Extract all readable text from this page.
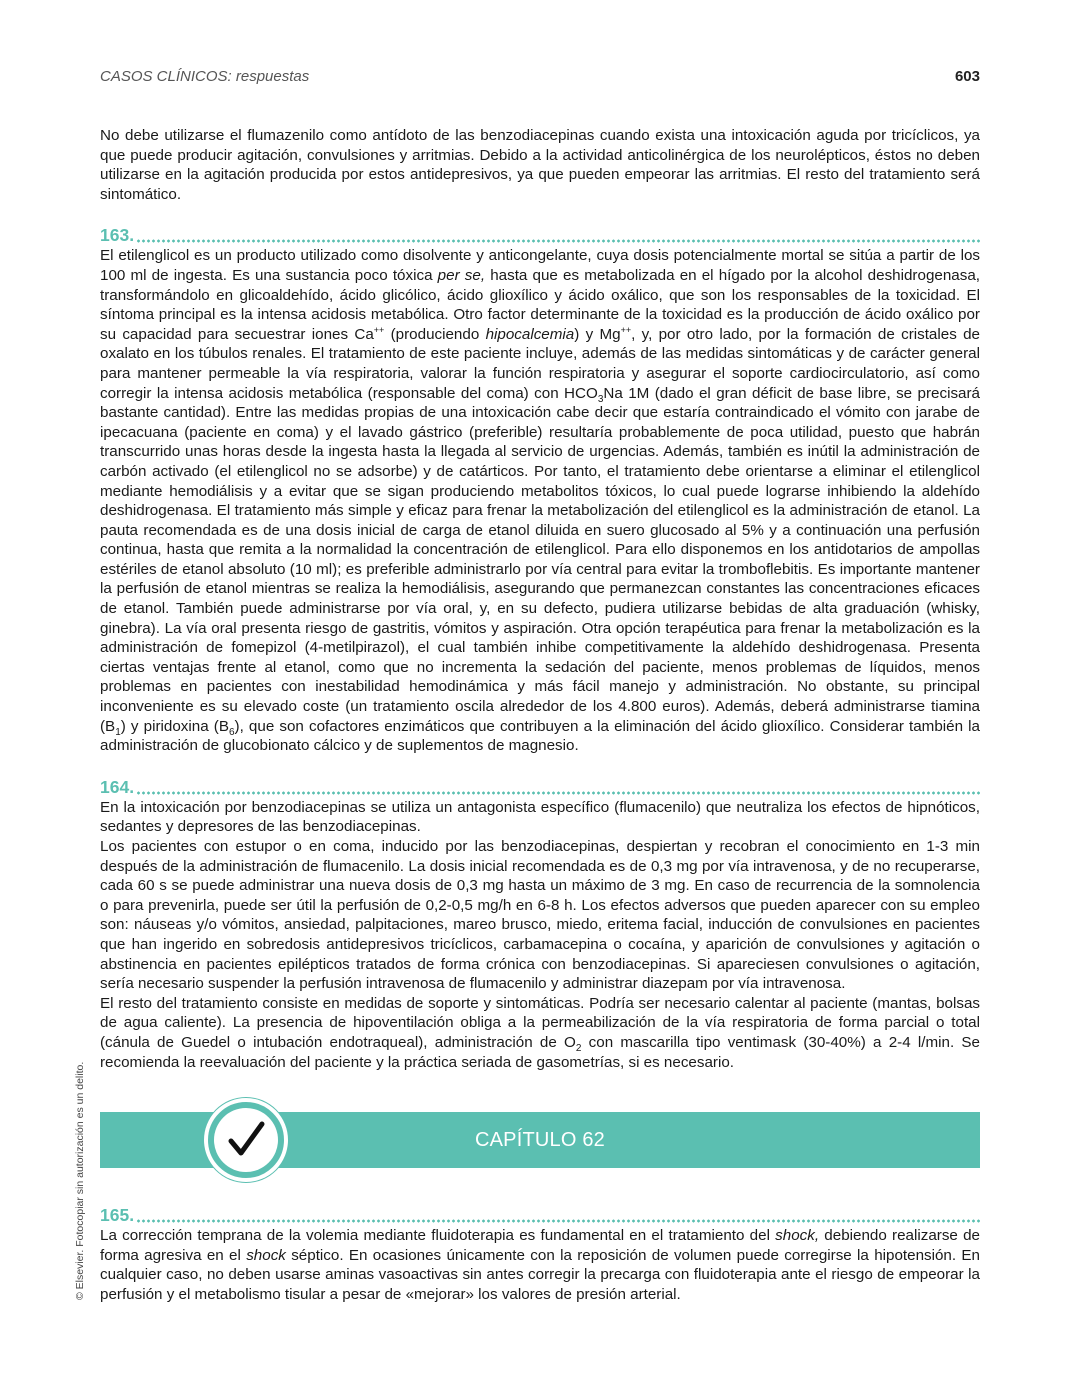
CASOS CLÍNICOS: respuestas	603

No debe utilizarse el flumazenilo como antídoto de las benzodiacepinas cuando exista una intoxicación aguda por tricíclicos, ya que puede producir agitación, convulsiones y arritmias. Debido a la actividad anticolinérgica de los neurolépticos, éstos no deben utilizarse en la agitación producida por estos antidepresivos, ya que pueden empeorar las arritmias. El resto del tratamiento será sintomático.

163.

El etilenglicol es un producto utilizado como disolvente y anticongelante, cuya dosis potencialmente mortal se sitúa a partir de los 100 ml de ingesta. Es una sustancia poco tóxica per se, hasta que es metabolizada en el hígado por la alcohol deshidrogenasa, transformándolo en glicoaldehído, ácido glicólico, ácido glioxílico y ácido oxálico, que son los responsables de la toxicidad. El síntoma principal es la intensa acidosis metabólica. Otro factor determinante de la toxicidad es la producción de ácido oxálico por su capacidad para secuestrar iones Ca++ (produciendo hipocalcemia) y Mg++, y, por otro lado, por la formación de cristales de oxalato en los túbulos renales. El tratamiento de este paciente incluye, además de las medidas sintomáticas y de carácter general para mantener permeable la vía respiratoria, valorar la función respiratoria y asegurar el soporte cardiocirculatorio, así como corregir la intensa acidosis metabólica (responsable del coma) con $HCO_3Na$ 1M (dado el gran déficit de base libre, se precisará bastante cantidad). Entre las medidas propias de una intoxicación cabe decir que estaría contraindicado el vómito con jarabe de ipecacuana (paciente en coma) y el lavado gástrico (preferible) resultaría probablemente de poca utilidad, puesto que habrán transcurrido unas horas desde la ingesta hasta la llegada al servicio de urgencias. Además, también es inútil la administración de carbón activado (el etilenglicol no se adsorbe) y de catárticos. Por tanto, el tratamiento debe orientarse a eliminar el etilenglicol mediante hemodiálisis y a evitar que se sigan produciendo metabolitos tóxicos, lo cual puede lograrse inhibiendo la aldehído deshidrogenasa. El tratamiento más simple y eficaz para frenar la metabolización del etilenglicol es la administración de etanol. La pauta recomendada es de una dosis inicial de carga de etanol diluida en suero glucosado al 5% y a continuación una perfusión continua, hasta que remita a la normalidad la concentración de etilenglicol. Para ello disponemos en los antidotarios de ampollas estériles de etanol absoluto (10 ml); es preferible administrarlo por vía central para evitar la tromboflebitis. Es importante mantener la perfusión de etanol mientras se realiza la hemodiálisis, asegurando que permanezcan constantes las concentraciones eficaces de etanol. También puede administrarse por vía oral, y, en su defecto, pudiera utilizarse bebidas de alta graduación (whisky, ginebra). La vía oral presenta riesgo de gastritis, vómitos y aspiración. Otra opción terapéutica para frenar la metabolización es la administración de fomepizol (4-metilpirazol), el cual también inhibe competitivamente la aldehído deshidrogenasa. Presenta ciertas ventajas frente al etanol, como que no incrementa la sedación del paciente, menos problemas de líquidos, menos problemas en pacientes con inestabilidad hemodinámica y más fácil manejo y administración. No obstante, su principal inconveniente es su elevado coste (un tratamiento oscila alrededor de los 4.800 euros). Además, deberá administrarse tiamina $(B_1)$ y piridoxina $(B_6)$, que son cofactores enzimáticos que contribuyen a la eliminación del ácido glioxílico. Considerar también la administración de glucobionato cálcico y de suplementos de magnesio.

164.

En la intoxicación por benzodiacepinas se utiliza un antagonista específico (flumacenilo) que neutraliza los efectos de hipnóticos, sedantes y depresores de las benzodiacepinas.

Los pacientes con estupor o en coma, inducido por las benzodiacepinas, despiertan y recobran el conocimiento en 1-3 min después de la administración de flumacenilo. La dosis inicial recomendada es de 0,3 mg por vía intravenosa, y de no recuperarse, cada 60 s se puede administrar una nueva dosis de 0,3 mg hasta un máximo de 3 mg. En caso de recurrencia de la somnolencia o para prevenirla, puede ser útil la perfusión de 0,2-0,5 mg/h en 6-8 h. Los efectos adversos que pueden aparecer con su empleo son: náuseas y/o vómitos, ansiedad, palpitaciones, mareo brusco, miedo, eritema facial, inducción de convulsiones en pacientes que han ingerido en sobredosis antidepresivos tricíclicos, carbamacepina o cocaína, y aparición de convulsiones y agitación o abstinencia en pacientes epilépticos tratados de forma crónica con benzodiacepinas. Si apareciesen convulsiones o agitación, sería necesario suspender la perfusión intravenosa de flumacenilo y administrar diazepam por vía intravenosa.

El resto del tratamiento consiste en medidas de soporte y sintomáticas. Podría ser necesario calentar al paciente (mantas, bolsas de agua caliente). La presencia de hipoventilación obliga a la permeabilización de la vía respiratoria de forma parcial o total (cánula de Guedel o intubación endotraqueal), administración de $O_2$ con mascarilla tipo ventimask (30-40%) a 2-4 l/min. Se recomienda la reevaluación del paciente y la práctica seriada de gasometrías, si es necesario.

CAPÍTULO 62
165.

La corrección temprana de la volemia mediante fluidoterapia es fundamental en el tratamiento del shock, debiendo realizarse de forma agresiva en el shock séptico. En ocasiones únicamente con la reposición de volumen puede corregirse la hipotensión. En cualquier caso, no deben usarse aminas vasoactivas sin antes corregir la precarga con fluidoterapia ante el riesgo de empeorar la perfusión y el metabolismo tisular a pesar de «mejorar» los valores de presión arterial.

© Elsevier. Fotocopiar sin autorización es un delito.
